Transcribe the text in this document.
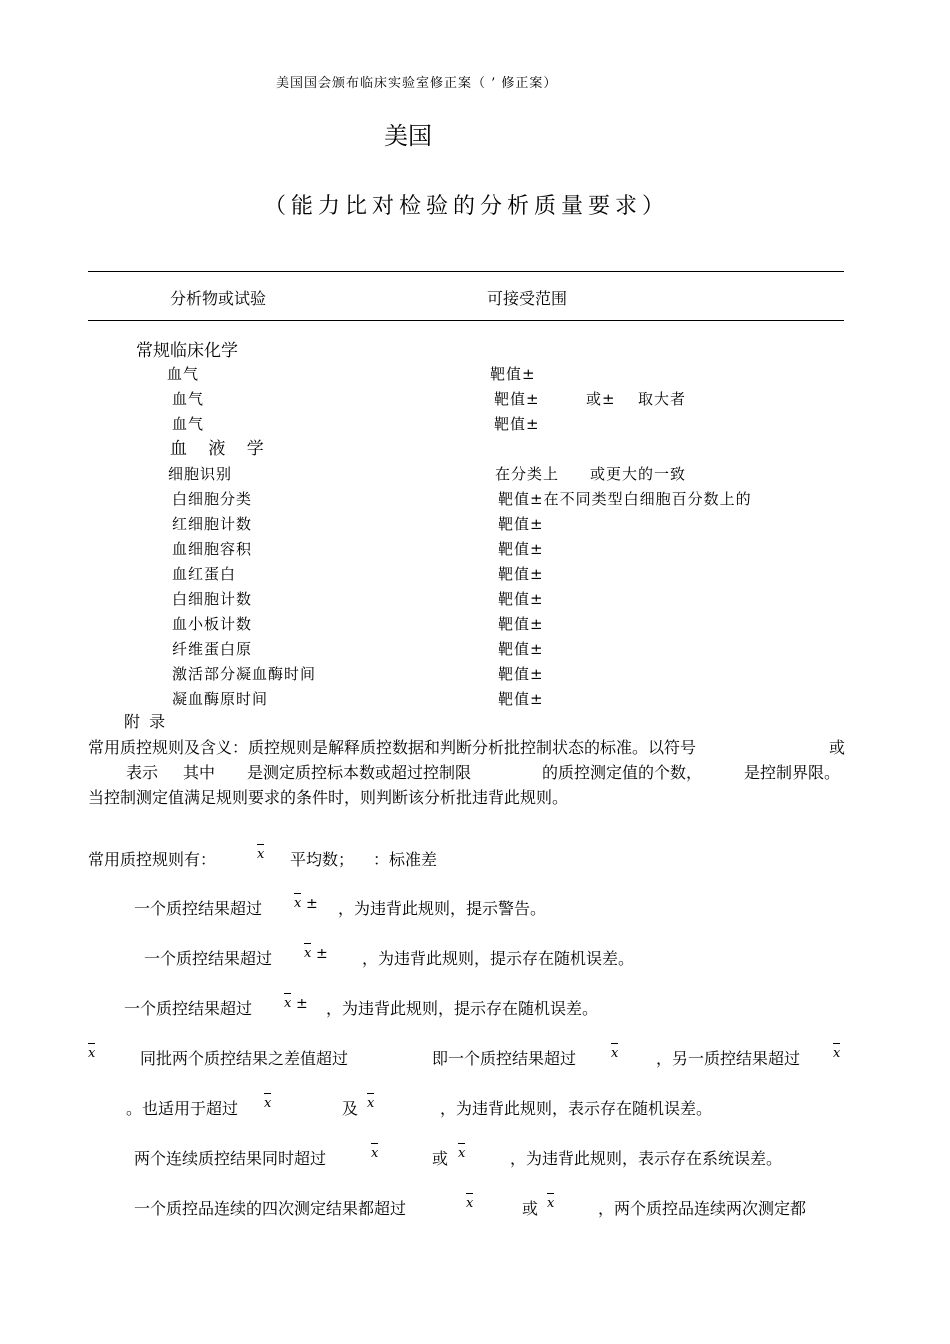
美国国会颁布临床实验室修正案（ ’ 修正案）
美国
（能力比对检验的分析质量要求）
分析物或试验	可接受范围
常规临床化学
血气	靶值±
血气	靶值±	或± 取大者
血气	靶值±
血 液 学
细胞识别	在分类上 或更大的一致
白细胞分类	靶值±在不同类型白细胞百分数上的
红细胞计数	靶值±
血细胞容积	靶值±
血红蛋白	靶值±
白细胞计数	靶值±
血小板计数	靶值±
纤维蛋白原	靶值±
激活部分凝血酶时间	靶值±
凝血酶原时间	靶值±
附 录
常用质控规则及含义：质控规则是解释质控数据和判断分析批控制状态的标准。以符号	或
表示 其中 是测定质控标本数或超过控制限	的质控测定值的个数，	是控制界限。
当控制测定值满足规则要求的条件时，则判断该分析批违背此规则。
常用质控规则有：	x 平均数； ：标准差
一个质控结果超过 x ± ，为违背此规则，提示警告。
一个质控结果超过 x ± ，为违背此规则，提示存在随机误差。
一个质控结果超过 x ± ，为违背此规则，提示存在随机误差。
x	同批两个质控结果之差值超过	即一个质控结果超过	x ，另一质控结果超过	x
。也适用于超过 x	及 x	，为违背此规则，表示存在随机误差。
两个连续质控结果同时超过	x	或 x	，为违背此规则，表示存在系统误差。
一个质控品连续的四次测定结果都超过	x	或 x	，两个质控品连续两次测定都
